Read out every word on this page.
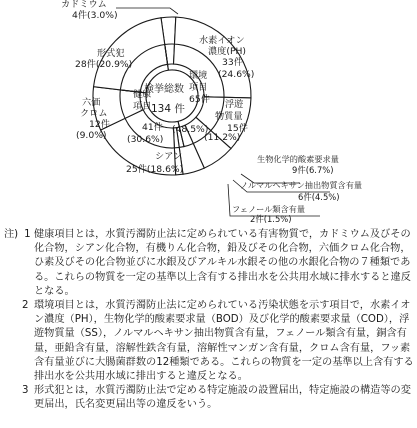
カドミウム
4件(3.0%)
水素イオン
濃度(PH)
33件
(24.6%)
環境
項目
65件
(48.5%)
浮遊
物質量
15件
(11.2%)
形式犯
28件(20.9%)
検挙総数
134 件
健康
項目
41件
(30.6%)
六価
クロム
12件
(9.0%)
シアン
25件(18.6%)
生物化学的酸素要求量
9件(6.7%)
ノルマルヘキサン抽出物質含有量
6件(4.5%)
フェノール類含有量
2件(1.5%)
注) 1 健康項目とは，水質汚濁防止法に定められている有害物質で，カドミウム及びその化合物，シアン化合物，有機りん化合物，鉛及びその化合物，六価クロム化合物，ひ素及びその化合物並びに水銀及びアルキル水銀その他の水銀化合物の７種類である。これらの物質を一定の基準以上含有する排出水を公共用水域に排水すると違反となる。
2 環境項目とは，水質汚濁防止法に定められている汚染状態を示す項目で，水素イオン濃度（PH），生物化学的酸素要求量（BOD）及び化学的酸素要求量（COD），浮遊物質量（SS），ノルマルヘキサン抽出物質含有量，フェノール類含有量，銅含有量，亜鉛含有量，溶解性鉄含有量，溶解性マンガン含有量，クロム含有量，フッ素含有量並びに大腸菌群数の12種類である。これらの物質を一定の基準以上含有する排出水を公共用水域に排出すると違反となる。
3 形式犯とは，水質汚濁防止法で定める特定施設の設置届出，特定施設の構造等の変更届出，氏名変更届出等の違反をいう。
